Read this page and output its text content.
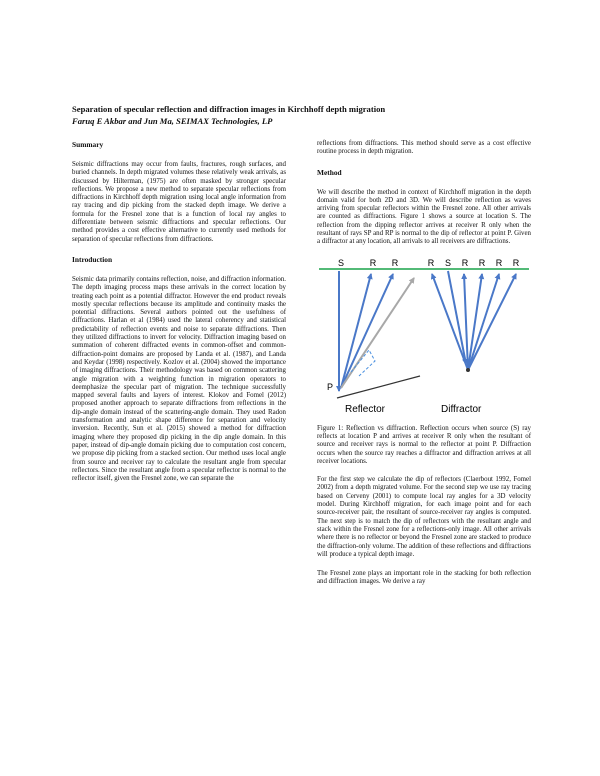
Separation of specular reflection and diffraction images in Kirchhoff depth migration
Faruq E Akbar and Jun Ma, SEIMAX Technologies, LP
Summary

Seismic diffractions may occur from faults, fractures, rough surfaces, and buried channels. In depth migrated volumes these relatively weak arrivals, as discussed by Hilterman, (1975) are often masked by stronger specular reflections. We propose a new method to separate specular reflections from diffractions in Kirchhoff depth migration using local angle information from ray tracing and dip picking from the stacked depth image. We derive a formula for the Fresnel zone that is a function of local ray angles to differentiate between seismic diffractions and specular reflections. Our method provides a cost effective alternative to currently used methods for separation of specular reflections from diffractions.

Introduction

Seismic data primarily contains reflection, noise, and diffraction information. The depth imaging process maps these arrivals in the correct location by treating each point as a potential diffractor. However the end product reveals mostly specular reflections because its amplitude and continuity masks the potential diffractions. Several authors pointed out the usefulness of diffractions. Harlan et al (1984) used the lateral coherency and statistical predictability of reflection events and noise to separate diffractions. Then they utilized diffractions to invert for velocity. Diffraction imaging based on summation of coherent diffracted events in common-offset and common-diffraction-point domains are proposed by Landa et al. (1987), and Landa and Keydar (1998) respectively. Kozlov et al. (2004) showed the importance of imaging diffractions. Their methodology was based on common scattering angle migration with a weighting function in migration operators to deemphasize the specular part of migration. The technique successfully mapped several faults and layers of interest. Klokov and Fomel (2012) proposed another approach to separate diffractions from reflections in the dip-angle domain instead of the scattering-angle domain. They used Radon transformation and analytic shape difference for separation and velocity inversion. Recently, Sun et al. (2015) showed a method for diffraction imaging where they proposed dip picking in the dip angle domain. In this paper, instead of dip-angle domain picking due to computation cost concern, we propose dip picking from a stacked section. Our method uses local angle from source and receiver ray to calculate the resultant angle from specular reflectors. Since the resultant angle from a specular reflector is normal to the reflector itself, given the Fresnel zone, we can separate the

reflections from diffractions. This method should serve as a cost effective routine process in depth migration.

Method

We will describe the method in context of Kirchhoff migration in the depth domain valid for both 2D and 3D. We will describe reflection as waves arriving from specular reflectors within the Fresnel zone. All other arrivals are counted as diffractions. Figure 1 shows a source at location S. The reflection from the dipping reflector arrives at receiver R only when the resultant of rays SP and RP is normal to the dip of reflector at point P. Given a diffractor at any location, all arrivals to all receivers are diffractions.

S	R R	R S R R R R
P
Reflector	Diffractor

Figure 1: Reflection vs diffraction. Reflection occurs when source (S) ray reflects at location P and arrives at receiver R only when the resultant of source and receiver rays is normal to the reflector at point P. Diffraction occurs when the source ray reaches a diffractor and diffraction arrives at all receiver locations.

For the first step we calculate the dip of reflectors (Claerbout 1992, Fomel 2002) from a depth migrated volume. For the second step we use ray tracing based on Cerveny (2001) to compute local ray angles for a 3D velocity model. During Kirchhoff migration, for each image point and for each source-receiver pair, the resultant of source-receiver ray angles is computed. The next step is to match the dip of reflectors with the resultant angle and stack within the Fresnel zone for a reflections-only image. All other arrivals where there is no reflector or beyond the Fresnel zone are stacked to produce the diffraction-only volume. The addition of these reflections and diffractions will produce a typical depth image.

The Fresnel zone plays an important role in the stacking for both reflection and diffraction images. We derive a ray
